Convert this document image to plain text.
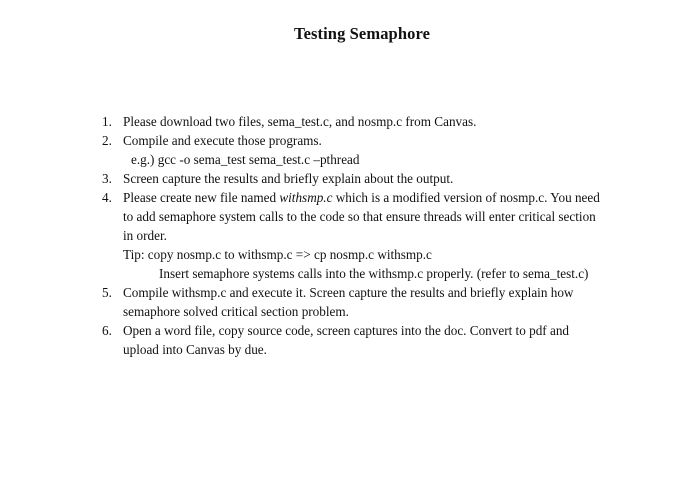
Testing Semaphore
1. Please download two files, sema_test.c, and nosmp.c from Canvas.
2. Compile and execute those programs.
e.g.) gcc -o sema_test sema_test.c –pthread
3. Screen capture the results and briefly explain about the output.
4. Please create new file named withsmp.c which is a modified version of nosmp.c. You need
to add semaphore system calls to the code so that ensure threads will enter critical section
in order.
Tip: copy nosmp.c to withsmp.c => cp nosmp.c withsmp.c
Insert semaphore systems calls into the withsmp.c properly. (refer to sema_test.c)
5. Compile withsmp.c and execute it. Screen capture the results and briefly explain how
semaphore solved critical section problem.
6. Open a word file, copy source code, screen captures into the doc. Convert to pdf and
upload into Canvas by due.
